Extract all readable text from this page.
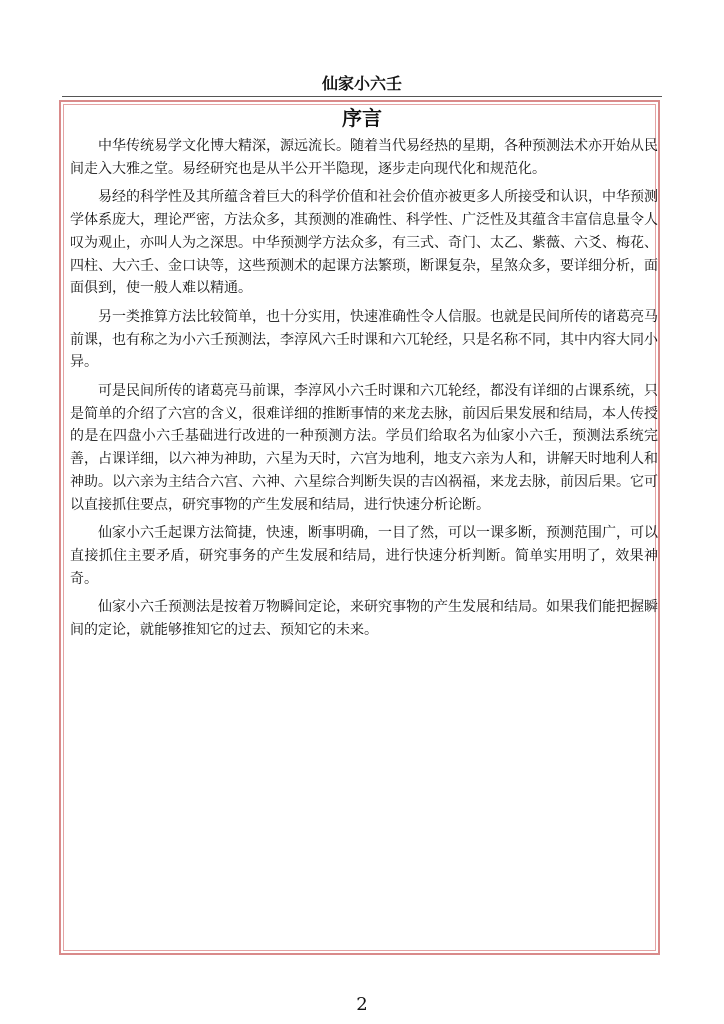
仙家小六壬
序言

中华传统易学文化博大精深，源远流长。随着当代易经热的星期，各种预测法术亦开始从民间走入大雅之堂。易经研究也是从半公开半隐现，逐步走向现代化和规范化。

易经的科学性及其所蕴含着巨大的科学价值和社会价值亦被更多人所接受和认识，中华预测学体系庞大，理论严密，方法众多，其预测的准确性、科学性、广泛性及其蕴含丰富信息量令人叹为观止，亦叫人为之深思。中华预测学方法众多，有三式、奇门、太乙、紫薇、六爻、梅花、四柱、大六壬、金口诀等，这些预测术的起课方法繁琐，断课复杂，星煞众多，要详细分析，面面俱到，使一般人难以精通。

另一类推算方法比较简单，也十分实用，快速准确性令人信服。也就是民间所传的诸葛亮马前课，也有称之为小六壬预测法，李淳风六壬时课和六兀轮经，只是名称不同，其中内容大同小异。

可是民间所传的诸葛亮马前课，李淳风小六壬时课和六兀轮经，都没有详细的占课系统，只是简单的介绍了六宫的含义，很难详细的推断事情的来龙去脉，前因后果发展和结局，本人传授的是在四盘小六壬基础进行改进的一种预测方法。学员们给取名为仙家小六壬，预测法系统完善，占课详细，以六神为神助，六星为天时，六宫为地利，地支六亲为人和，讲解天时地利人和神助。以六亲为主结合六宫、六神、六星综合判断失误的吉凶祸福，来龙去脉，前因后果。它可以直接抓住要点，研究事物的产生发展和结局，进行快速分析论断。

仙家小六壬起课方法简捷，快速，断事明确，一目了然，可以一课多断，预测范围广，可以直接抓住主要矛盾，研究事务的产生发展和结局，进行快速分析判断。简单实用明了，效果神奇。

仙家小六壬预测法是按着万物瞬间定论，来研究事物的产生发展和结局。如果我们能把握瞬间的定论，就能够推知它的过去、预知它的未来。

2
